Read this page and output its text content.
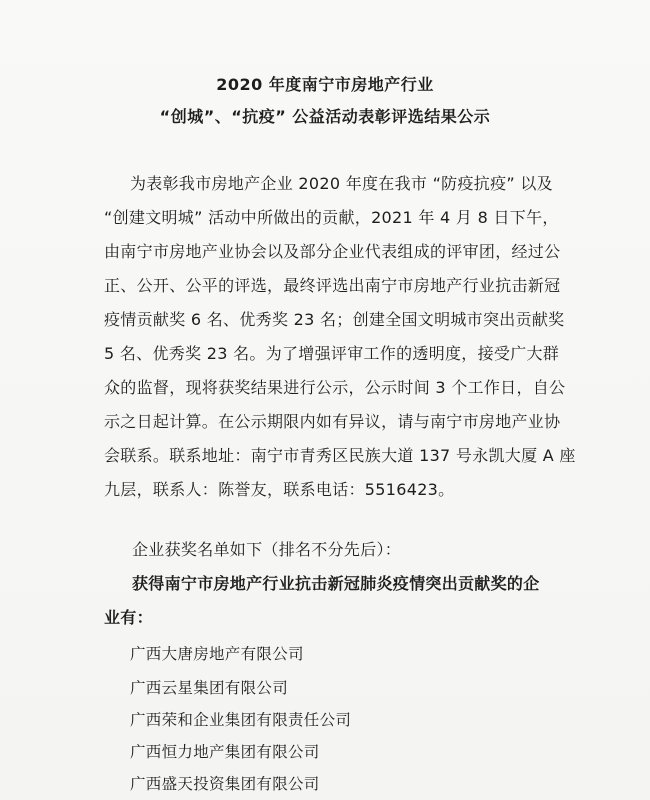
2020 年度南宁市房地产行业
“创城”、“抗疫” 公益活动表彰评选结果公示
为表彰我市房地产企业 2020 年度在我市 “防疫抗疫” 以及
“创建文明城” 活动中所做出的贡献，2021 年 4 月 8 日下午，
由南宁市房地产业协会以及部分企业代表组成的评审团，经过公
正、公开、公平的评选，最终评选出南宁市房地产行业抗击新冠
疫情贡献奖 6 名、优秀奖 23 名；创建全国文明城市突出贡献奖
5 名、优秀奖 23 名。为了增强评审工作的透明度，接受广大群
众的监督，现将获奖结果进行公示，公示时间 3 个工作日，自公
示之日起计算。在公示期限内如有异议，请与南宁市房地产业协
会联系。联系地址：南宁市青秀区民族大道 137 号永凯大厦 A 座
九层，联系人：陈誉友，联系电话：5516423。
企业获奖名单如下（排名不分先后）：
获得南宁市房地产行业抗击新冠肺炎疫情突出贡献奖的企
业有：
广西大唐房地产有限公司
广西云星集团有限公司
广西荣和企业集团有限责任公司
广西恒力地产集团有限公司
广西盛天投资集团有限公司
